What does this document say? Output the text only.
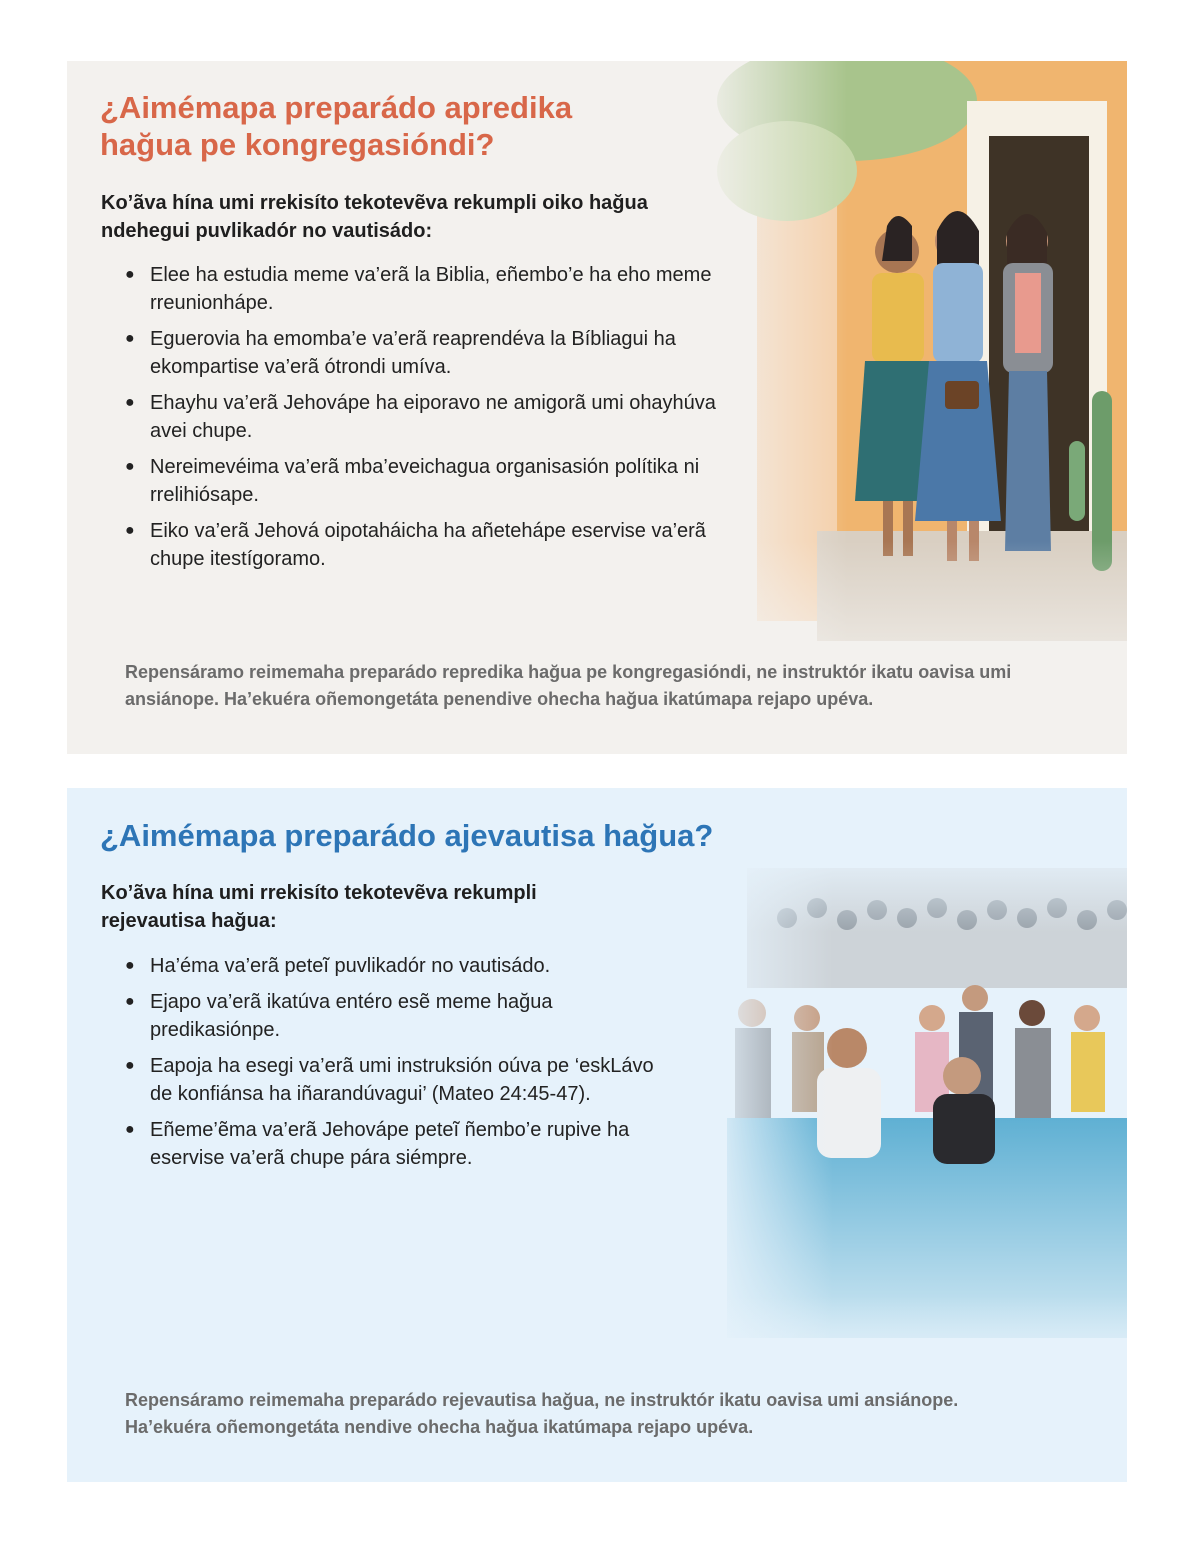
¿Aimémapa preparádo apredika hağua pe kongregasióndi?

Ko’ãva hína umi rrekisíto tekotevẽva rekumpli oiko hağua ndehegui puvlikadór no vautisádo:

● Elee ha estudia meme va’erã la Biblia, eñembo’e ha eho meme rreunionhápe.
● Eguerovia ha emomba’e va’erã reaprendéva la Bíbliagui ha ekompartise va’erã ótrondi umíva.
● Ehayhu va’erã Jehovápe ha eiporavo ne amigorã umi ohayhúva avei chupe.
● Nereimevéima va’erã mba’eveichagua organisasión polítika ni rrelihiósape.
● Eiko va’erã Jehová oipotaháicha ha añetehápe eservise va’erã chupe itestígoramo.

Repensáramo reimemaha preparádo repredika hağua pe kongregasióndi, ne instruktór ikatu oavisa umi ansiánope. Ha’ekuéra oñemongetáta penendive ohecha hağua ikatúmapa rejapo upéva.

¿Aimémapa preparádo ajevautisa hağua?

Ko’ãva hína umi rrekisíto tekotevẽva rekumpli rejevautisa hağua:

● Ha’éma va’erã peteĩ puvlikadór no vautisádo.
● Ejapo va’erã ikatúva entéro esẽ meme hağua predikasiónpe.
● Eapoja ha esegi va’erã umi instruksión oúva pe ‘eskLávo de konfiánsa ha iñarandúvagui’ (Mateo 24:45-47).
● Eñeme’ẽma va’erã Jehovápe peteĩ ñembo’e rupive ha eservise va’erã chupe pára siémpre.

Repensáramo reimemaha preparádo rejevautisa hağua, ne instruktór ikatu oavisa umi ansiánope. Ha’ekuéra oñemongetáta nendive ohecha hağua ikatúmapa rejapo upéva.
